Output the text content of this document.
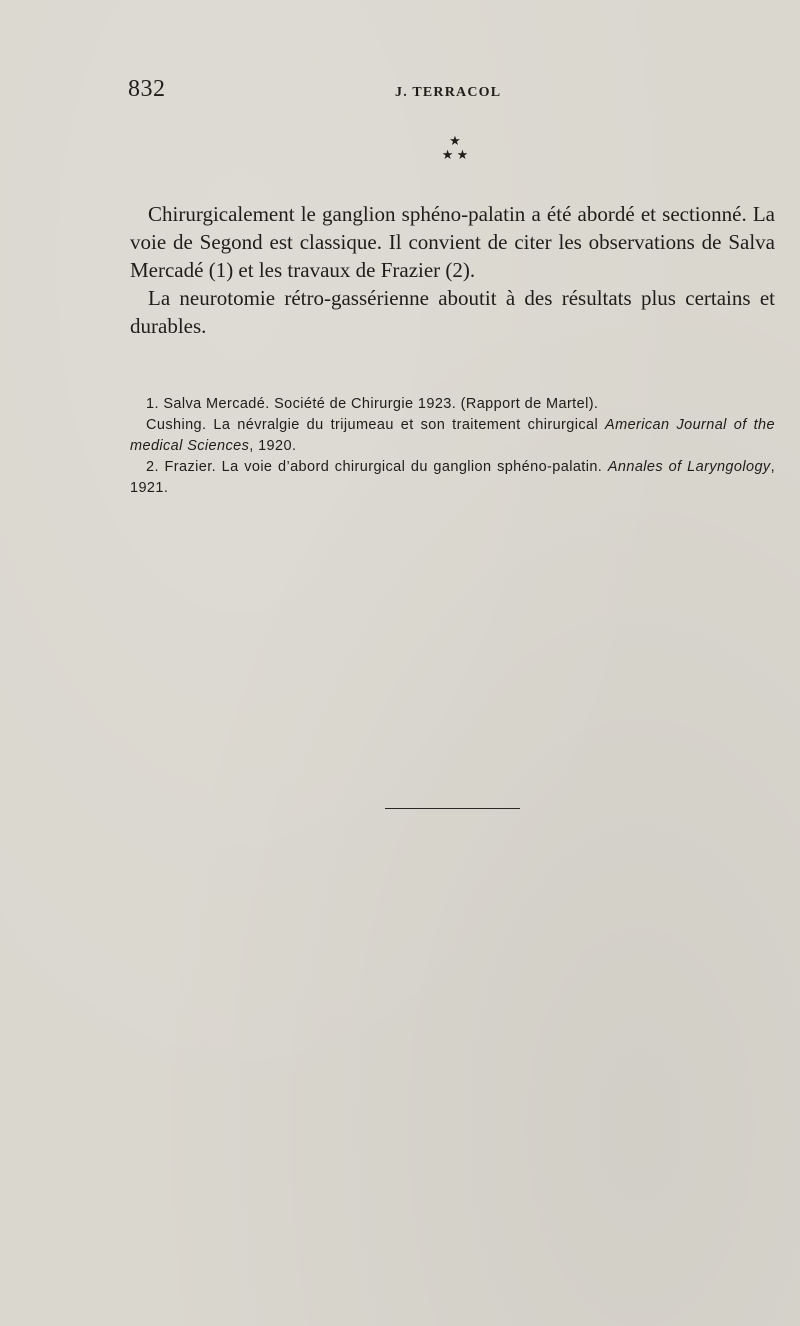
832	J. TERRACOL
★
★ ★

Chirurgicalement le ganglion sphéno-palatin a été abordé et sectionné. La voie de Segond est classique. Il convient de citer les observations de Salva Mercadé (1) et les travaux de Frazier (2).

La neurotomie rétro-gassérienne aboutit à des résultats plus certains et durables.

1. Salva Mercadé. Société de Chirurgie 1923. (Rapport de Martel).

Cushing. La névralgie du trijumeau et son traitement chirurgical American Journal of the medical Sciences, 1920.

2. Frazier. La voie d’abord chirurgical du ganglion sphéno-palatin. Annales of Laryngology, 1921.
